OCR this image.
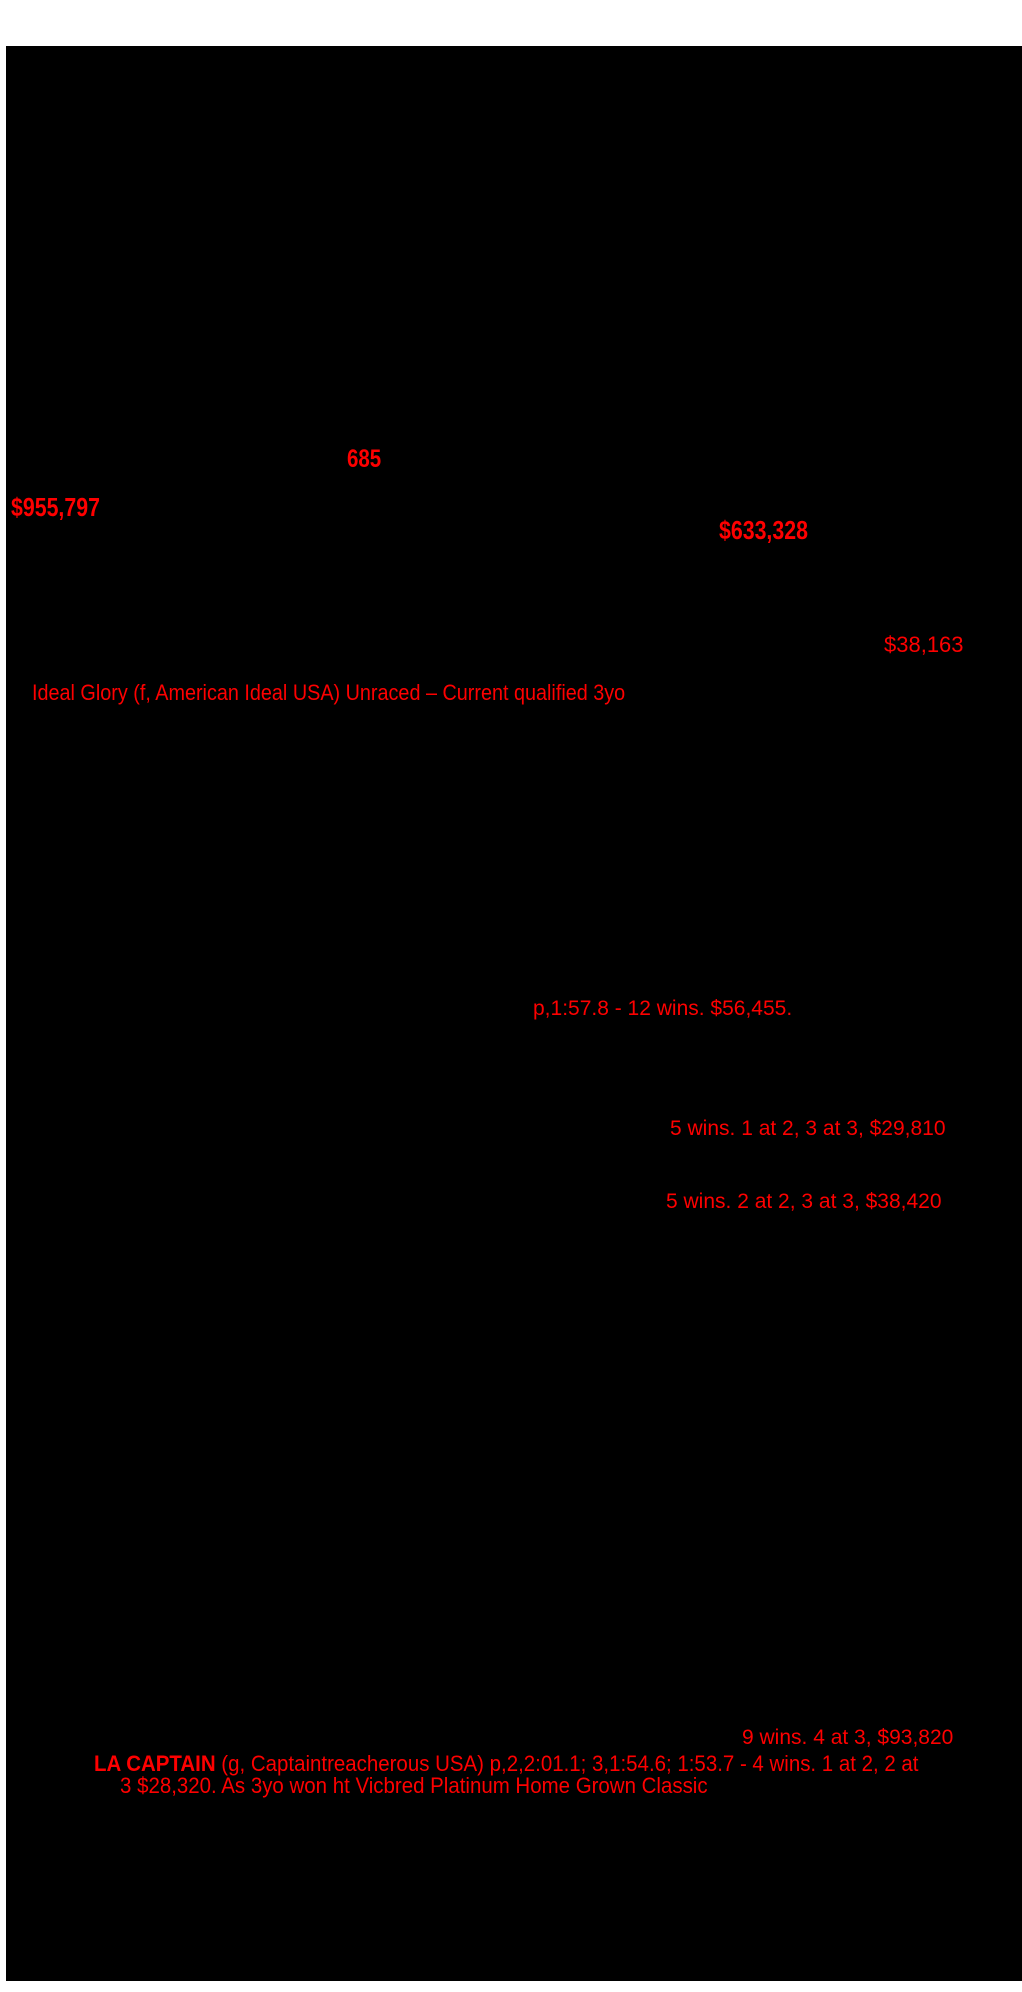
685
$955,797
$633,328
$38,163
Ideal Glory (f, American Ideal USA) Unraced – Current qualified 3yo
p,1:57.8 - 12 wins. $56,455.
5 wins. 1 at 2, 3 at 3, $29,810
5 wins. 2 at 2, 3 at 3, $38,420
9 wins. 4 at 3, $93,820
LA CAPTAIN (g, Captaintreacherous USA) p,2,2:01.1; 3,1:54.6; 1:53.7 - 4 wins. 1 at 2, 2 at
3 $28,320. As 3yo won ht Vicbred Platinum Home Grown Classic
